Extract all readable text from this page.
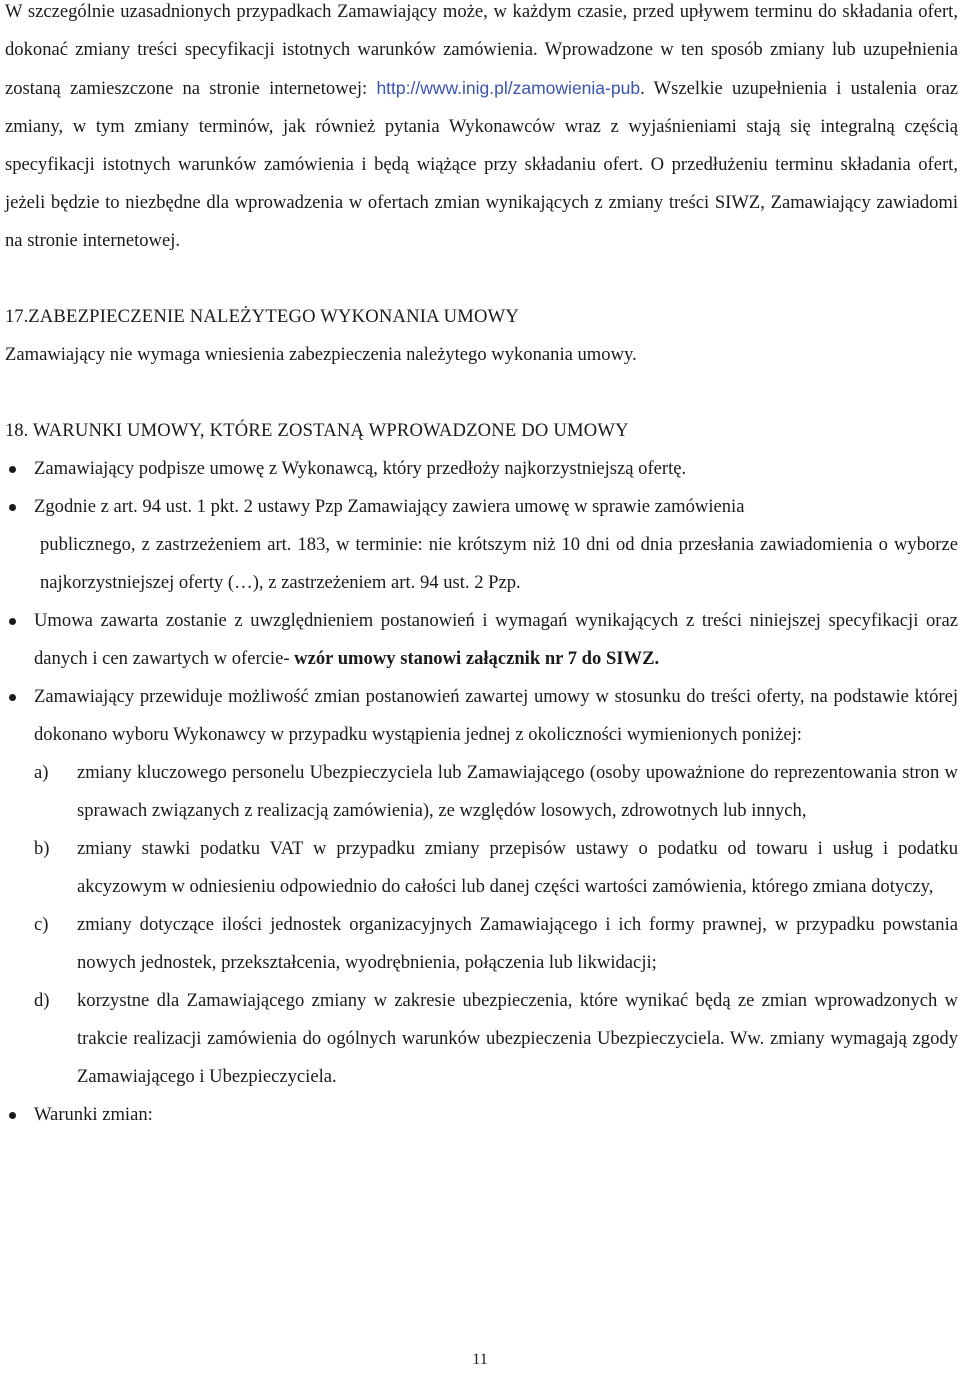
W szczególnie uzasadnionych przypadkach Zamawiający może, w każdym czasie, przed upływem terminu do składania ofert, dokonać zmiany treści specyfikacji istotnych warunków zamówienia. Wprowadzone w ten sposób zmiany lub uzupełnienia zostaną zamieszczone na stronie internetowej: http://www.inig.pl/zamowienia-pub. Wszelkie uzupełnienia i ustalenia oraz zmiany, w tym zmiany terminów, jak również pytania Wykonawców wraz z wyjaśnieniami stają się integralną częścią specyfikacji istotnych warunków zamówienia i będą wiążące przy składaniu ofert. O przedłużeniu terminu składania ofert, jeżeli będzie to niezbędne dla wprowadzenia w ofertach zmian wynikających z zmiany treści SIWZ, Zamawiający zawiadomi na stronie internetowej.

17.ZABEZPIECZENIE NALEŻYTEGO WYKONANIA UMOWY

Zamawiający nie wymaga wniesienia zabezpieczenia należytego wykonania umowy.

18. WARUNKI UMOWY, KTÓRE ZOSTANĄ WPROWADZONE DO UMOWY
Zamawiający podpisze umowę z Wykonawcą, który przedłoży najkorzystniejszą ofertę.
Zgodnie z art. 94 ust. 1 pkt. 2 ustawy Pzp Zamawiający zawiera umowę w sprawie zamówienia
publicznego, z zastrzeżeniem art. 183, w terminie: nie krótszym niż 10 dni od dnia przesłania zawiadomienia o wyborze najkorzystniejszej oferty (…), z zastrzeżeniem art. 94 ust. 2 Pzp.
Umowa zawarta zostanie z uwzględnieniem postanowień i wymagań wynikających z treści niniejszej specyfikacji oraz danych i cen zawartych w ofercie- wzór umowy stanowi załącznik nr 7 do SIWZ.
Zamawiający przewiduje możliwość zmian postanowień zawartej umowy w stosunku do treści oferty, na podstawie której dokonano wyboru Wykonawcy w przypadku wystąpienia jednej z okoliczności wymienionych poniżej:
a) zmiany kluczowego personelu Ubezpieczyciela lub Zamawiającego (osoby upoważnione do reprezentowania stron w sprawach związanych z realizacją zamówienia), ze względów losowych, zdrowotnych lub innych,
b) zmiany stawki podatku VAT w przypadku zmiany przepisów ustawy o podatku od towaru i usług i podatku akcyzowym w odniesieniu odpowiednio do całości lub danej części wartości zamówienia, którego zmiana dotyczy,
c) zmiany dotyczące ilości jednostek organizacyjnych Zamawiającego i ich formy prawnej, w przypadku powstania nowych jednostek, przekształcenia, wyodrębnienia, połączenia lub likwidacji;
d) korzystne dla Zamawiającego zmiany w zakresie ubezpieczenia, które wynikać będą ze zmian wprowadzonych w trakcie realizacji zamówienia do ogólnych warunków ubezpieczenia Ubezpieczyciela. Ww. zmiany wymagają zgody Zamawiającego i Ubezpieczyciela.
Warunki zmian:
11
